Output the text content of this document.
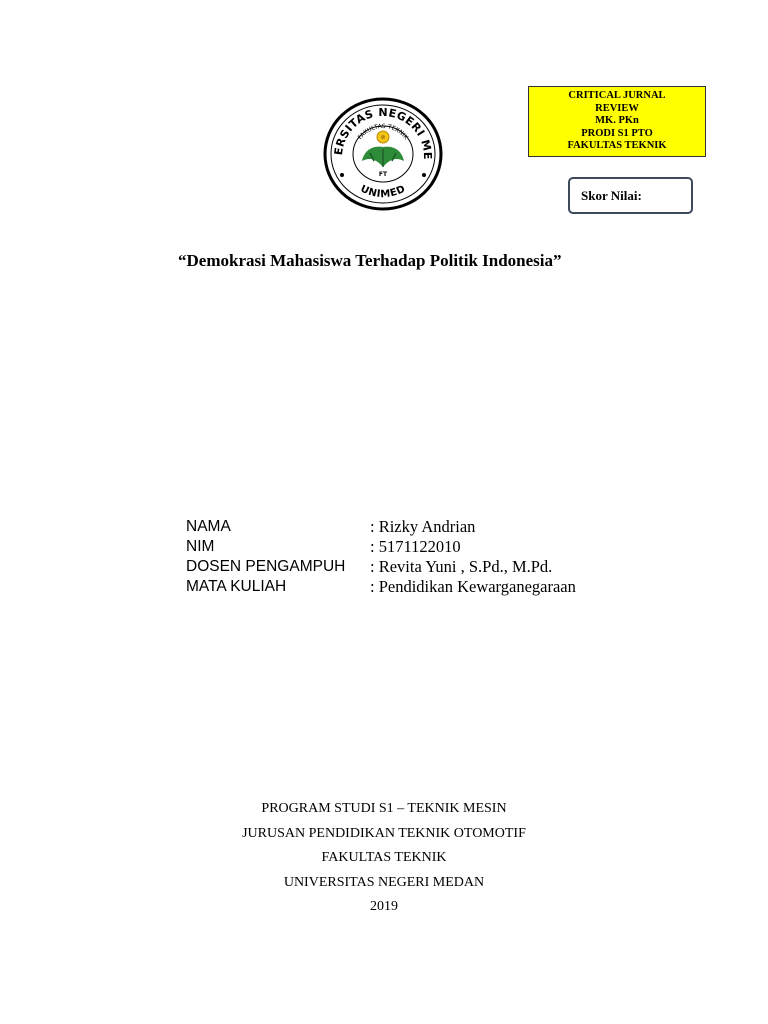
ERSITAS NEGERI ME
FAKULTAS TEKNIK
FT
UNIMED
CRITICAL JURNAL
REVIEW
MK. PKn
PRODI S1 PTO
FAKULTAS TEKNIK
Skor Nilai:
“Demokrasi Mahasiswa Terhadap Politik Indonesia”
NAMA	: Rizky Andrian
NIM	: 5171122010
DOSEN PENGAMPUH	: Revita Yuni , S.Pd., M.Pd.
MATA KULIAH	: Pendidikan Kewarganegaraan
PROGRAM STUDI S1 – TEKNIK MESIN
JURUSAN PENDIDIKAN TEKNIK OTOMOTIF
FAKULTAS TEKNIK
UNIVERSITAS NEGERI MEDAN
2019
